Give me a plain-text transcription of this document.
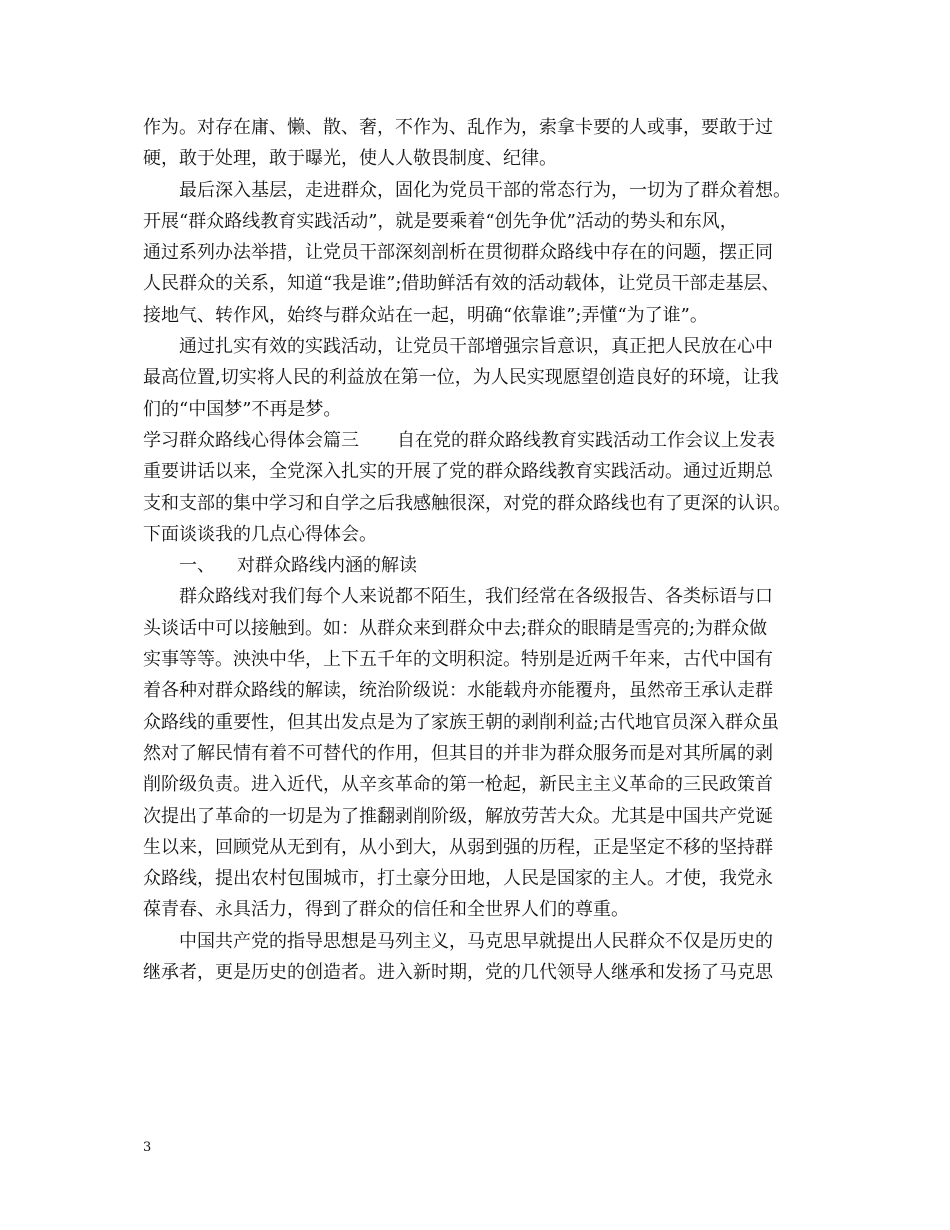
作为。对存在庸、懒、散、奢，不作为、乱作为，索拿卡要的人或事，要敢于过
硬，敢于处理，敢于曝光，使人人敬畏制度、纪律。
最后深入基层，走进群众，固化为党员干部的常态行为，一切为了群众着想。
开展“群众路线教育实践活动”，就是要乘着“创先争优”活动的势头和东风，
通过系列办法举措，让党员干部深刻剖析在贯彻群众路线中存在的问题，摆正同
人民群众的关系，知道“我是谁”;借助鲜活有效的活动载体，让党员干部走基层、
接地气、转作风，始终与群众站在一起，明确“依靠谁”;弄懂“为了谁”。
通过扎实有效的实践活动，让党员干部增强宗旨意识，真正把人民放在心中
最高位置,切实将人民的利益放在第一位，为人民实现愿望创造良好的环境，让我
们的“中国梦”不再是梦。
学习群众路线心得体会篇三 自在党的群众路线教育实践活动工作会议上发表
重要讲话以来，全党深入扎实的开展了党的群众路线教育实践活动。通过近期总
支和支部的集中学习和自学之后我感触很深，对党的群众路线也有了更深的认识。
下面谈谈我的几点心得体会。
一、 对群众路线内涵的解读
群众路线对我们每个人来说都不陌生，我们经常在各级报告、各类标语与口
头谈话中可以接触到。如：从群众来到群众中去;群众的眼睛是雪亮的;为群众做
实事等等。泱泱中华，上下五千年的文明积淀。特别是近两千年来，古代中国有
着各种对群众路线的解读，统治阶级说：水能载舟亦能覆舟，虽然帝王承认走群
众路线的重要性，但其出发点是为了家族王朝的剥削利益;古代地官员深入群众虽
然对了解民情有着不可替代的作用，但其目的并非为群众服务而是对其所属的剥
削阶级负责。进入近代，从辛亥革命的第一枪起，新民主主义革命的三民政策首
次提出了革命的一切是为了推翻剥削阶级，解放劳苦大众。尤其是中国共产党诞
生以来，回顾党从无到有，从小到大，从弱到强的历程，正是坚定不移的坚持群
众路线，提出农村包围城市，打土豪分田地，人民是国家的主人。才使，我党永
葆青春、永具活力，得到了群众的信任和全世界人们的尊重。
中国共产党的指导思想是马列主义，马克思早就提出人民群众不仅是历史的
继承者，更是历史的创造者。进入新时期，党的几代领导人继承和发扬了马克思
3
